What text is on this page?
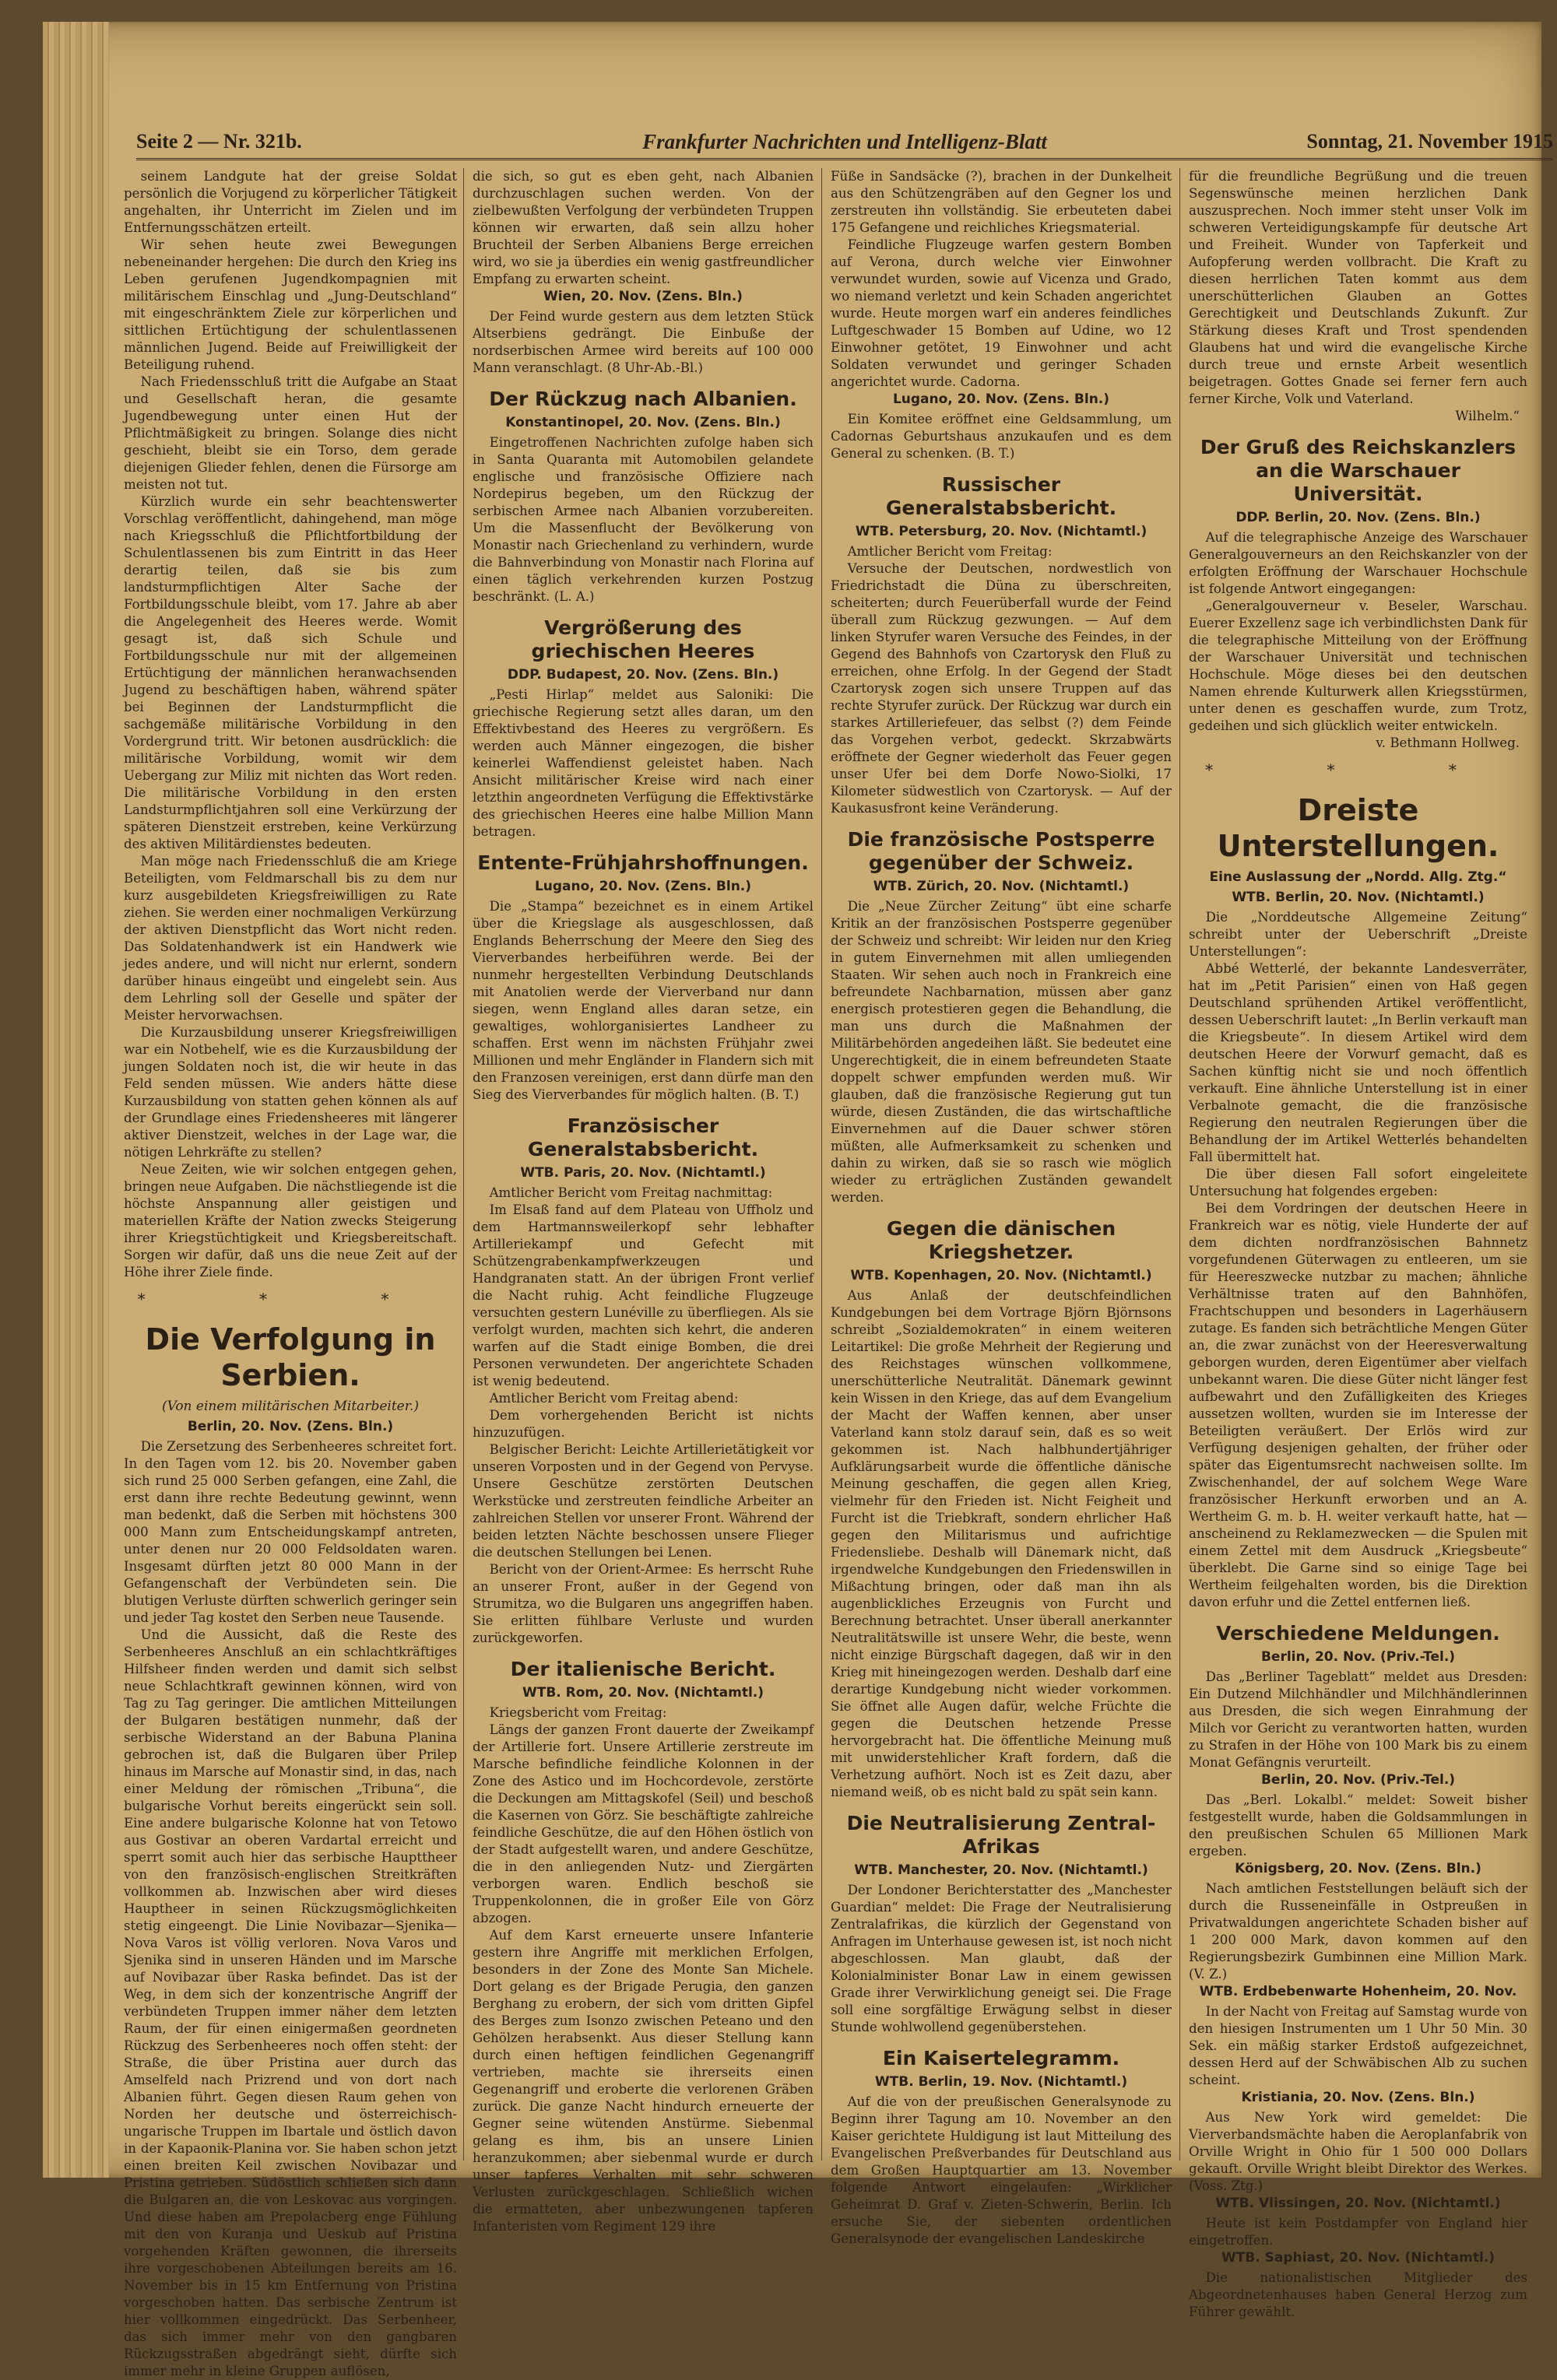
Seite 2 — Nr. 321b.	Frankfurter Nachrichten und Intelligenz-Blatt	Sonntag, 21. November 1915

seinem Landgute hat der greise Soldat persönlich die Vorjugend zu körperlicher Tätigkeit angehalten, ihr Unterricht im Zielen und im Entfernungsschätzen erteilt.

Wir sehen heute zwei Bewegungen nebeneinander hergehen: Die durch den Krieg ins Leben gerufenen Jugendkompagnien mit militärischem Einschlag und „Jung-Deutschland“ mit eingeschränktem Ziele zur körperlichen und sittlichen Ertüchtigung der schulentlassenen männlichen Jugend. Beide auf Freiwilligkeit der Beteiligung ruhend.

Nach Friedensschluß tritt die Aufgabe an Staat und Gesellschaft heran, die gesamte Jugendbewegung unter einen Hut der Pflichtmäßigkeit zu bringen. Solange dies nicht geschieht, bleibt sie ein Torso, dem gerade diejenigen Glieder fehlen, denen die Fürsorge am meisten not tut.

Kürzlich wurde ein sehr beachtenswerter Vorschlag veröffentlicht, dahingehend, man möge nach Kriegsschluß die Pflichtfortbildung der Schulentlassenen bis zum Eintritt in das Heer derartig teilen, daß sie bis zum landsturmpflichtigen Alter Sache der Fortbildungsschule bleibt, vom 17. Jahre ab aber die Angelegenheit des Heeres werde. Womit gesagt ist, daß sich Schule und Fortbildungsschule nur mit der allgemeinen Ertüchtigung der männlichen heranwachsenden Jugend zu beschäftigen haben, während später bei Beginnen der Landsturmpflicht die sachgemäße militärische Vorbildung in den Vordergrund tritt. Wir betonen ausdrücklich: die militärische Vorbildung, womit wir dem Uebergang zur Miliz mit nichten das Wort reden. Die militärische Vorbildung in den ersten Landsturmpflichtjahren soll eine Verkürzung der späteren Dienstzeit erstreben, keine Verkürzung des aktiven Militärdienstes bedeuten.

Man möge nach Friedensschluß die am Kriege Beteiligten, vom Feldmarschall bis zu dem nur kurz ausgebildeten Kriegsfreiwilligen zu Rate ziehen. Sie werden einer nochmaligen Verkürzung der aktiven Dienstpflicht das Wort nicht reden. Das Soldatenhandwerk ist ein Handwerk wie jedes andere, und will nicht nur erlernt, sondern darüber hinaus eingeübt und eingelebt sein. Aus dem Lehrling soll der Geselle und später der Meister hervorwachsen.

Die Kurzausbildung unserer Kriegsfreiwilligen war ein Notbehelf, wie es die Kurzausbildung der jungen Soldaten noch ist, die wir heute in das Feld senden müssen. Wie anders hätte diese Kurzausbildung von statten gehen können als auf der Grundlage eines Friedensheeres mit längerer aktiver Dienstzeit, welches in der Lage war, die nötigen Lehrkräfte zu stellen?

Neue Zeiten, wie wir solchen entgegen gehen, bringen neue Aufgaben. Die nächstliegende ist die höchste Anspannung aller geistigen und materiellen Kräfte der Nation zwecks Steigerung ihrer Kriegstüchtigkeit und Kriegsbereitschaft. Sorgen wir dafür, daß uns die neue Zeit auf der Höhe ihrer Ziele finde.

* * *
Die Verfolgung in Serbien.
(Von einem militärischen Mitarbeiter.)
Berlin, 20. Nov. (Zens. Bln.)

Die Zersetzung des Serbenheeres schreitet fort. In den Tagen vom 12. bis 20. November gaben sich rund 25 000 Serben gefangen, eine Zahl, die erst dann ihre rechte Bedeutung gewinnt, wenn man bedenkt, daß die Serben mit höchstens 300 000 Mann zum Entscheidungskampf antreten, unter denen nur 20 000 Feldsoldaten waren. Insgesamt dürften jetzt 80 000 Mann in der Gefangenschaft der Verbündeten sein. Die blutigen Verluste dürften schwerlich geringer sein und jeder Tag kostet den Serben neue Tausende.

Und die Aussicht, daß die Reste des Serbenheeres Anschluß an ein schlachtkräftiges Hilfsheer finden werden und damit sich selbst neue Schlachtkraft gewinnen können, wird von Tag zu Tag geringer. Die amtlichen Mitteilungen der Bulgaren bestätigen nunmehr, daß der serbische Widerstand an der Babuna Planina gebrochen ist, daß die Bulgaren über Prilep hinaus im Marsche auf Monastir sind, in das, nach einer Meldung der römischen „Tribuna“, die bulgarische Vorhut bereits eingerückt sein soll. Eine andere bulgarische Kolonne hat von Tetowo aus Gostivar an oberen Vardartal erreicht und sperrt somit auch hier das serbische Haupttheer von den französisch-englischen Streitkräften vollkommen ab. Inzwischen aber wird dieses Hauptheer in seinen Rückzugsmöglichkeiten stetig eingeengt. Die Linie Novibazar—Sjenika—Nova Varos ist völlig verloren. Nova Varos und Sjenika sind in unseren Händen und im Marsche auf Novibazar über Raska befindet. Das ist der Weg, in dem sich der konzentrische Angriff der verbündeten Truppen immer näher dem letzten Raum, der für einen einigermaßen geordneten Rückzug des Serbenheeres noch offen steht: der Straße, die über Pristina auer durch das Amselfeld nach Prizrend und von dort nach Albanien führt. Gegen diesen Raum gehen von Norden her deutsche und österreichisch-ungarische Truppen im Ibartale und östlich davon in der Kapaonik-Planina vor. Sie haben schon jetzt einen breiten Keil zwischen Novibazar und Pristina getrieben. Südöstlich schließen sich dann die Bulgaren an, die von Leskovac aus vorgingen. Und diese haben am Prepolacberg enge Fühlung mit den von Kuranja und Ueskub auf Pristina vorgehenden Kräften gewonnen, die ihrerseits ihre vorgeschobenen Abteilungen bereits am 16. November bis in 15 km Entfernung von Pristina vorgeschoben hatten. Das serbische Zentrum ist hier vollkommen eingedrückt. Das Serbenheer, das sich immer mehr von den gangbaren Rückzugsstraßen abgedrängt sieht, dürfte sich immer mehr in kleine Gruppen auflösen,

die sich, so gut es eben geht, nach Albanien durchzuschlagen suchen werden. Von der zielbewußten Verfolgung der verbündeten Truppen können wir erwarten, daß sein allzu hoher Bruchteil der Serben Albaniens Berge erreichen wird, wo sie ja überdies ein wenig gastfreundlicher Empfang zu erwarten scheint.

Wien, 20. Nov. (Zens. Bln.)

Der Feind wurde gestern aus dem letzten Stück Altserbiens gedrängt. Die Einbuße der nordserbischen Armee wird bereits auf 100 000 Mann veranschlagt. (8 Uhr-Ab.-Bl.)

Der Rückzug nach Albanien.
Konstantinopel, 20. Nov. (Zens. Bln.)

Eingetroffenen Nachrichten zufolge haben sich in Santa Quaranta mit Automobilen gelandete englische und französische Offiziere nach Nordepirus begeben, um den Rückzug der serbischen Armee nach Albanien vorzubereiten. Um die Massenflucht der Bevölkerung von Monastir nach Griechenland zu verhindern, wurde die Bahnverbindung von Monastir nach Florina auf einen täglich verkehrenden kurzen Postzug beschränkt. (L. A.)

Vergrößerung des griechischen Heeres
DDP. Budapest, 20. Nov. (Zens. Bln.)

„Pesti Hirlap“ meldet aus Saloniki: Die griechische Regierung setzt alles daran, um den Effektivbestand des Heeres zu vergrößern. Es werden auch Männer eingezogen, die bisher keinerlei Waffendienst geleistet haben. Nach Ansicht militärischer Kreise wird nach einer letzthin angeordneten Verfügung die Effektivstärke des griechischen Heeres eine halbe Million Mann betragen.

Entente-Frühjahrshoffnungen.
Lugano, 20. Nov. (Zens. Bln.)

Die „Stampa“ bezeichnet es in einem Artikel über die Kriegslage als ausgeschlossen, daß Englands Beherrschung der Meere den Sieg des Vierverbandes herbeiführen werde. Bei der nunmehr hergestellten Verbindung Deutschlands mit Anatolien werde der Vierverband nur dann siegen, wenn England alles daran setze, ein gewaltiges, wohlorganisiertes Landheer zu schaffen. Erst wenn im nächsten Frühjahr zwei Millionen und mehr Engländer in Flandern sich mit den Franzosen vereinigen, erst dann dürfe man den Sieg des Vierverbandes für möglich halten. (B. T.)

Französischer Generalstabsbericht.
WTB. Paris, 20. Nov. (Nichtamtl.)

Amtlicher Bericht vom Freitag nachmittag:

Im Elsaß fand auf dem Plateau von Uffholz und dem Hartmannsweilerkopf sehr lebhafter Artilleriekampf und Gefecht mit Schützengrabenkampfwerkzeugen und Handgranaten statt. An der übrigen Front verlief die Nacht ruhig. Acht feindliche Flugzeuge versuchten gestern Lunéville zu überfliegen. Als sie verfolgt wurden, machten sich kehrt, die anderen warfen auf die Stadt einige Bomben, die drei Personen verwundeten. Der angerichtete Schaden ist wenig bedeutend.

Amtlicher Bericht vom Freitag abend:

Dem vorhergehenden Bericht ist nichts hinzuzufügen.

Belgischer Bericht: Leichte Artillerietätigkeit vor unseren Vorposten und in der Gegend von Pervyse. Unsere Geschütze zerstörten Deutschen Werkstücke und zerstreuten feindliche Arbeiter an zahlreichen Stellen vor unserer Front. Während der beiden letzten Nächte beschossen unsere Flieger die deutschen Stellungen bei Lenen.

Bericht von der Orient-Armee: Es herrscht Ruhe an unserer Front, außer in der Gegend von Strumitza, wo die Bulgaren uns angegriffen haben. Sie erlitten fühlbare Verluste und wurden zurückgeworfen.

Der italienische Bericht.
WTB. Rom, 20. Nov. (Nichtamtl.)

Kriegsbericht vom Freitag:

Längs der ganzen Front dauerte der Zweikampf der Artillerie fort. Unsere Artillerie zerstreute im Marsche befindliche feindliche Kolonnen in der Zone des Astico und im Hochcordevole, zerstörte die Deckungen am Mittagskofel (Seil) und beschoß die Kasernen von Görz. Sie beschäftigte zahlreiche feindliche Geschütze, die auf den Höhen östlich von der Stadt aufgestellt waren, und andere Geschütze, die in den anliegenden Nutz- und Ziergärten verborgen waren. Endlich beschoß sie Truppenkolonnen, die in großer Eile von Görz abzogen.

Auf dem Karst erneuerte unsere Infanterie gestern ihre Angriffe mit merklichen Erfolgen, besonders in der Zone des Monte San Michele. Dort gelang es der Brigade Perugia, den ganzen Berghang zu erobern, der sich vom dritten Gipfel des Berges zum Isonzo zwischen Peteano und den Gehölzen herabsenkt. Aus dieser Stellung kann durch einen heftigen feindlichen Gegenangriff vertrieben, machte sie ihrerseits einen Gegenangriff und eroberte die verlorenen Gräben zurück. Die ganze Nacht hindurch erneuerte der Gegner seine wütenden Anstürme. Siebenmal gelang es ihm, bis an unsere Linien heranzukommen; aber siebenmal wurde er durch unser tapferes Verhalten mit sehr schweren Verlusten zurückgeschlagen. Schließlich wichen die ermatteten, aber unbezwungenen tapferen Infanteristen vom Regiment 129 ihre

Füße in Sandsäcke (?), brachen in der Dunkelheit aus den Schützengräben auf den Gegner los und zerstreuten ihn vollständig. Sie erbeuteten dabei 175 Gefangene und reichliches Kriegsmaterial.

Feindliche Flugzeuge warfen gestern Bomben auf Verona, durch welche vier Einwohner verwundet wurden, sowie auf Vicenza und Grado, wo niemand verletzt und kein Schaden angerichtet wurde. Heute morgen warf ein anderes feindliches Luftgeschwader 15 Bomben auf Udine, wo 12 Einwohner getötet, 19 Einwohner und acht Soldaten verwundet und geringer Schaden angerichtet wurde. Cadorna.

Lugano, 20. Nov. (Zens. Bln.)

Ein Komitee eröffnet eine Geldsammlung, um Cadornas Geburtshaus anzukaufen und es dem General zu schenken. (B. T.)

Russischer Generalstabsbericht.
WTB. Petersburg, 20. Nov. (Nichtamtl.)

Amtlicher Bericht vom Freitag:

Versuche der Deutschen, nordwestlich von Friedrichstadt die Düna zu überschreiten, scheiterten; durch Feuerüberfall wurde der Feind überall zum Rückzug gezwungen. — Auf dem linken Styrufer waren Versuche des Feindes, in der Gegend des Bahnhofs von Czartorysk den Fluß zu erreichen, ohne Erfolg. In der Gegend der Stadt Czartorysk zogen sich unsere Truppen auf das rechte Styrufer zurück. Der Rückzug war durch ein starkes Artilleriefeuer, das selbst (?) dem Feinde das Vorgehen verbot, gedeckt. Skrzabwärts eröffnete der Gegner wiederholt das Feuer gegen unser Ufer bei dem Dorfe Nowo-Siolki, 17 Kilometer südwestlich von Czartorysk. — Auf der Kaukasusfront keine Veränderung.

Die französische Postsperre gegenüber der Schweiz.
WTB. Zürich, 20. Nov. (Nichtamtl.)

Die „Neue Zürcher Zeitung“ übt eine scharfe Kritik an der französischen Postsperre gegenüber der Schweiz und schreibt: Wir leiden nur den Krieg in gutem Einvernehmen mit allen umliegenden Staaten. Wir sehen auch noch in Frankreich eine befreundete Nachbarnation, müssen aber ganz energisch protestieren gegen die Behandlung, die man uns durch die Maßnahmen der Militärbehörden angedeihen läßt. Sie bedeutet eine Ungerechtigkeit, die in einem befreundeten Staate doppelt schwer empfunden werden muß. Wir glauben, daß die französische Regierung gut tun würde, diesen Zuständen, die das wirtschaftliche Einvernehmen auf die Dauer schwer stören müßten, alle Aufmerksamkeit zu schenken und dahin zu wirken, daß sie so rasch wie möglich wieder zu erträglichen Zuständen gewandelt werden.

Gegen die dänischen Kriegshetzer.
WTB. Kopenhagen, 20. Nov. (Nichtamtl.)

Aus Anlaß der deutschfeindlichen Kundgebungen bei dem Vortrage Björn Björnsons schreibt „Sozialdemokraten“ in einem weiteren Leitartikel: Die große Mehrheit der Regierung und des Reichstages wünschen vollkommene, unerschütterliche Neutralität. Dänemark gewinnt kein Wissen in den Kriege, das auf dem Evangelium der Macht der Waffen kennen, aber unser Vaterland kann stolz darauf sein, daß es so weit gekommen ist. Nach halbhundertjähriger Aufklärungsarbeit wurde die öffentliche dänische Meinung geschaffen, die gegen allen Krieg, vielmehr für den Frieden ist. Nicht Feigheit und Furcht ist die Triebkraft, sondern ehrlicher Haß gegen den Militarismus und aufrichtige Friedensliebe. Deshalb will Dänemark nicht, daß irgendwelche Kundgebungen den Friedenswillen in Mißachtung bringen, oder daß man ihn als augenblickliches Erzeugnis von Furcht und Berechnung betrachtet. Unser überall anerkannter Neutralitätswille ist unsere Wehr, die beste, wenn nicht einzige Bürgschaft dagegen, daß wir in den Krieg mit hineingezogen werden. Deshalb darf eine derartige Kundgebung nicht wieder vorkommen. Sie öffnet alle Augen dafür, welche Früchte die gegen die Deutschen hetzende Presse hervorgebracht hat. Die öffentliche Meinung muß mit unwiderstehlicher Kraft fordern, daß die Verhetzung aufhört. Noch ist es Zeit dazu, aber niemand weiß, ob es nicht bald zu spät sein kann.

Die Neutralisierung Zentral-Afrikas
WTB. Manchester, 20. Nov. (Nichtamtl.)

Der Londoner Berichterstatter des „Manchester Guardian“ meldet: Die Frage der Neutralisierung Zentralafrikas, die kürzlich der Gegenstand von Anfragen im Unterhause gewesen ist, ist noch nicht abgeschlossen. Man glaubt, daß der Kolonialminister Bonar Law in einem gewissen Grade ihrer Verwirklichung geneigt sei. Die Frage soll eine sorgfältige Erwägung selbst in dieser Stunde wohlwollend gegenüberstehen.

Ein Kaisertelegramm.
WTB. Berlin, 19. Nov. (Nichtamtl.)

Auf die von der preußischen Generalsynode zu Beginn ihrer Tagung am 10. November an den Kaiser gerichtete Huldigung ist laut Mitteilung des Evangelischen Preßverbandes für Deutschland aus dem Großen Hauptquartier am 13. November folgende Antwort eingelaufen: „Wirklicher Geheimrat D. Graf v. Zieten-Schwerin, Berlin. Ich ersuche Sie, der siebenten ordentlichen Generalsynode der evangelischen Landeskirche

für die freundliche Begrüßung und die treuen Segenswünsche meinen herzlichen Dank auszusprechen. Noch immer steht unser Volk im schweren Verteidigungskampfe für deutsche Art und Freiheit. Wunder von Tapferkeit und Aufopferung werden vollbracht. Die Kraft zu diesen herrlichen Taten kommt aus dem unerschütterlichen Glauben an Gottes Gerechtigkeit und Deutschlands Zukunft. Zur Stärkung dieses Kraft und Trost spendenden Glaubens hat und wird die evangelische Kirche durch treue und ernste Arbeit wesentlich beigetragen. Gottes Gnade sei ferner fern auch ferner Kirche, Volk und Vaterland.

Wilhelm.“
Der Gruß des Reichskanzlers an die Warschauer Universität.
DDP. Berlin, 20. Nov. (Zens. Bln.)

Auf die telegraphische Anzeige des Warschauer Generalgouverneurs an den Reichskanzler von der erfolgten Eröffnung der Warschauer Hochschule ist folgende Antwort eingegangen:

„Generalgouverneur v. Beseler, Warschau. Euerer Exzellenz sage ich verbindlichsten Dank für die telegraphische Mitteilung von der Eröffnung der Warschauer Universität und technischen Hochschule. Möge dieses bei den deutschen Namen ehrende Kulturwerk allen Kriegsstürmen, unter denen es geschaffen wurde, zum Trotz, gedeihen und sich glücklich weiter entwickeln.

v. Bethmann Hollweg.
* * *
Dreiste Unterstellungen.
Eine Auslassung der „Nordd. Allg. Ztg.“
WTB. Berlin, 20. Nov. (Nichtamtl.)

Die „Norddeutsche Allgemeine Zeitung“ schreibt unter der Ueberschrift „Dreiste Unterstellungen“:

Abbé Wetterlé, der bekannte Landesverräter, hat im „Petit Parisien“ einen von Haß gegen Deutschland sprühenden Artikel veröffentlicht, dessen Ueberschrift lautet: „In Berlin verkauft man die Kriegsbeute“. In diesem Artikel wird dem deutschen Heere der Vorwurf gemacht, daß es Sachen künftig nicht sie und noch öffentlich verkauft. Eine ähnliche Unterstellung ist in einer Verbalnote gemacht, die die französische Regierung den neutralen Regierungen über die Behandlung der im Artikel Wetterlés behandelten Fall übermittelt hat.

Die über diesen Fall sofort eingeleitete Untersuchung hat folgendes ergeben:

Bei dem Vordringen der deutschen Heere in Frankreich war es nötig, viele Hunderte der auf dem dichten nordfranzösischen Bahnnetz vorgefundenen Güterwagen zu entleeren, um sie für Heereszwecke nutzbar zu machen; ähnliche Verhältnisse traten auf den Bahnhöfen, Frachtschuppen und besonders in Lagerhäusern zutage. Es fanden sich beträchtliche Mengen Güter an, die zwar zunächst von der Heeresverwaltung geborgen wurden, deren Eigentümer aber vielfach unbekannt waren. Die diese Güter nicht länger fest aufbewahrt und den Zufälligkeiten des Krieges aussetzen wollten, wurden sie im Interesse der Beteiligten veräußert. Der Erlös wird zur Verfügung desjenigen gehalten, der früher oder später das Eigentumsrecht nachweisen sollte. Im Zwischenhandel, der auf solchem Wege Ware französischer Herkunft erworben und an A. Wertheim G. m. b. H. weiter verkauft hatte, hat — anscheinend zu Reklamezwecken — die Spulen mit einem Zettel mit dem Ausdruck „Kriegsbeute“ überklebt. Die Garne sind so einige Tage bei Wertheim feilgehalten worden, bis die Direktion davon erfuhr und die Zettel entfernen ließ.

Verschiedene Meldungen.
Berlin, 20. Nov. (Priv.-Tel.)

Das „Berliner Tageblatt“ meldet aus Dresden: Ein Dutzend Milchhändler und Milchhändlerinnen aus Dresden, die sich wegen Einrahmung der Milch vor Gericht zu verantworten hatten, wurden zu Strafen in der Höhe von 100 Mark bis zu einem Monat Gefängnis verurteilt.

Berlin, 20. Nov. (Priv.-Tel.)

Das „Berl. Lokalbl.“ meldet: Soweit bisher festgestellt wurde, haben die Goldsammlungen in den preußischen Schulen 65 Millionen Mark ergeben.

Königsberg, 20. Nov. (Zens. Bln.)

Nach amtlichen Feststellungen beläuft sich der durch die Russeneinfälle in Ostpreußen in Privatwaldungen angerichtete Schaden bisher auf 1 200 000 Mark, davon kommen auf den Regierungsbezirk Gumbinnen eine Million Mark. (V. Z.)

WTB. Erdbebenwarte Hohenheim, 20. Nov.

In der Nacht von Freitag auf Samstag wurde von den hiesigen Instrumenten um 1 Uhr 50 Min. 30 Sek. ein mäßig starker Erdstoß aufgezeichnet, dessen Herd auf der Schwäbischen Alb zu suchen scheint.

Kristiania, 20. Nov. (Zens. Bln.)

Aus New York wird gemeldet: Die Vierverbandsmächte haben die Aeroplanfabrik von Orville Wright in Ohio für 1 500 000 Dollars gekauft. Orville Wright bleibt Direktor des Werkes. (Voss. Ztg.)

WTB. Vlissingen, 20. Nov. (Nichtamtl.)

Heute ist kein Postdampfer von England hier eingetroffen.

WTB. Saphiast, 20. Nov. (Nichtamtl.)

Die nationalistischen Mitglieder des Abgeordnetenhauses haben General Herzog zum Führer gewählt.
